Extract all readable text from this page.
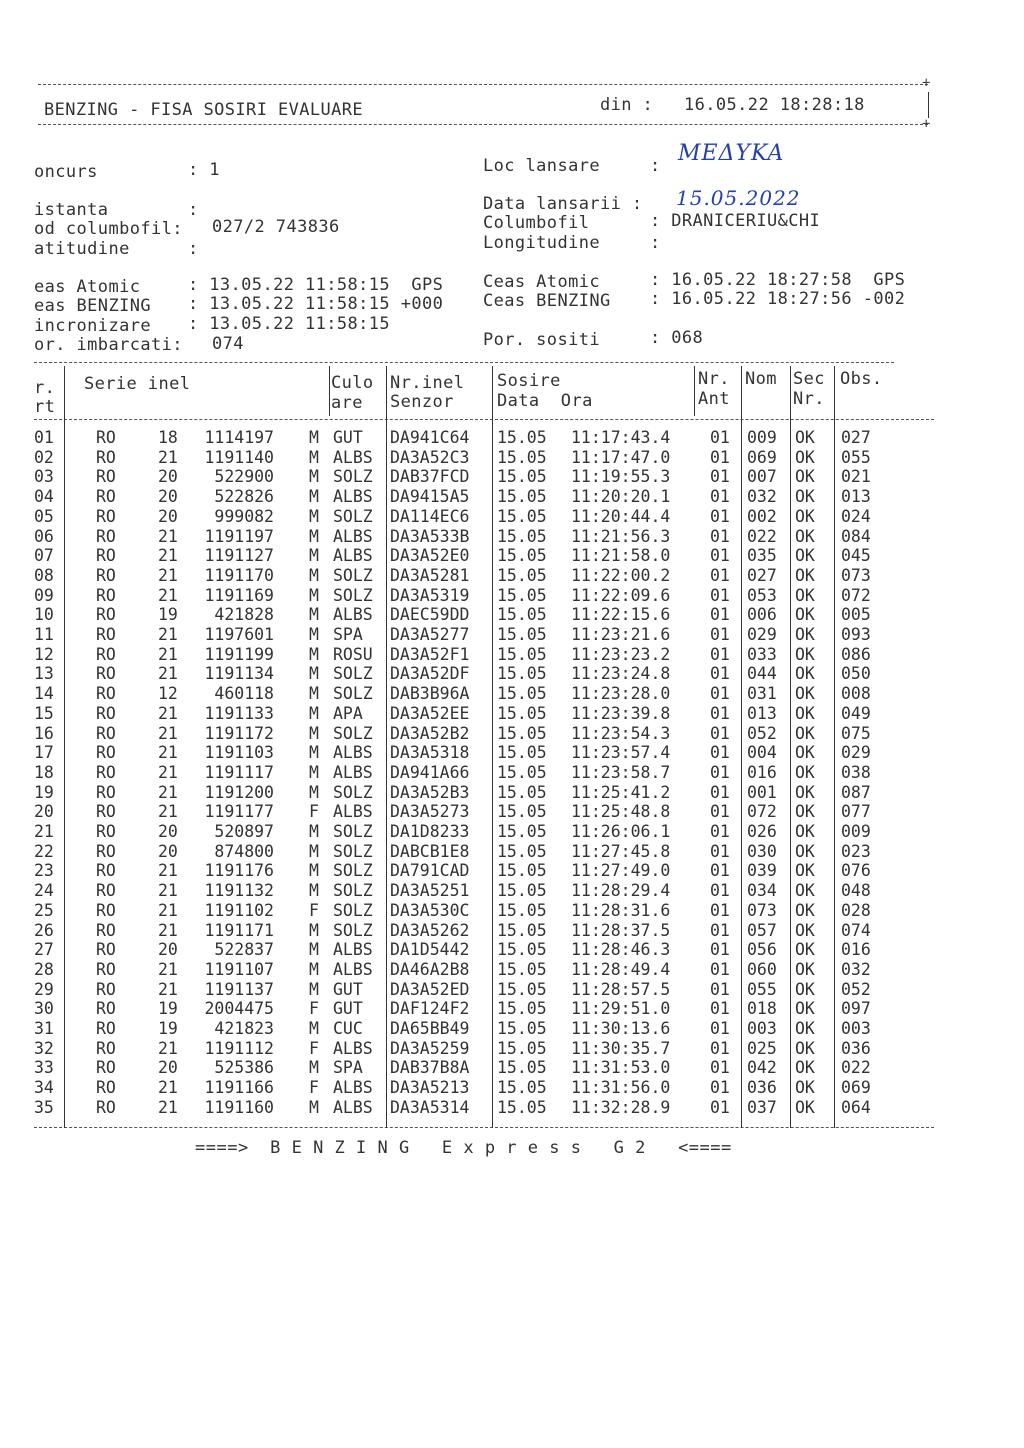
+
BENZING - FISA SOSIRI EVALUARE	din : 16.05.22 18:28:18
+
oncurs	: 1
istanta	:
od columbofil: 027/2 743836
atitudine	:
Loc lansare	: MEΔYKA
Data lansarii : 15.05.2022
Columbofil	: DRANICERIU&CHI
Longitudine	:
eas Atomic	: 13.05.22 11:58:15  GPS
eas BENZING : 13.05.22 11:58:15 +000
incronizare : 13.05.22 11:58:15
or. imbarcati: 074
Ceas Atomic	: 16.05.22 18:27:58  GPS
Ceas BENZING : 16.05.22 18:27:56 -002
Por. sositi	: 068
r.
rt
Serie inel	Culo
are
Nr.inel
Senzor
Sosire
Data  Ora
Nr.
Ant
Nom Sec
Nr.
Obs.
01	RO	18	1114197 M GUT DA941C64 15.05 11:17:43.4 01 009 OK 027
02	RO	21	1191140 M ALBS DA3A52C3 15.05 11:17:47.0 01 069 OK 055
03	RO	20	522900 M SOLZ DAB37FCD 15.05 11:19:55.3 01 007 OK 021
04	RO	20	522826 M ALBS DA9415A5 15.05 11:20:20.1 01 032 OK 013
05	RO	20	999082 M SOLZ DA114EC6 15.05 11:20:44.4 01 002 OK 024
06	RO	21	1191197 M ALBS DA3A533B 15.05 11:21:56.3 01 022 OK 084
07	RO	21	1191127 M ALBS DA3A52E0 15.05 11:21:58.0 01 035 OK 045
08	RO	21	1191170 M SOLZ DA3A5281 15.05 11:22:00.2 01 027 OK 073
09	RO	21	1191169 M SOLZ DA3A5319 15.05 11:22:09.6 01 053 OK 072
10	RO	19	421828 M ALBS DAEC59DD 15.05 11:22:15.6 01 006 OK 005
11	RO	21	1197601 M SPA DA3A5277 15.05 11:23:21.6 01 029 OK 093
12	RO	21	1191199 M ROSU DA3A52F1 15.05 11:23:23.2 01 033 OK 086
13	RO	21	1191134 M SOLZ DA3A52DF 15.05 11:23:24.8 01 044 OK 050
14	RO	12	460118 M SOLZ DAB3B96A 15.05 11:23:28.0 01 031 OK 008
15	RO	21	1191133 M APA DA3A52EE 15.05 11:23:39.8 01 013 OK 049
16	RO	21	1191172 M SOLZ DA3A52B2 15.05 11:23:54.3 01 052 OK 075
17	RO	21	1191103 M ALBS DA3A5318 15.05 11:23:57.4 01 004 OK 029
18	RO	21	1191117 M ALBS DA941A66 15.05 11:23:58.7 01 016 OK 038
19	RO	21	1191200 M SOLZ DA3A52B3 15.05 11:25:41.2 01 001 OK 087
20	RO	21	1191177 F ALBS DA3A5273 15.05 11:25:48.8 01 072 OK 077
21	RO	20	520897 M SOLZ DA1D8233 15.05 11:26:06.1 01 026 OK 009
22	RO	20	874800 M SOLZ DABCB1E8 15.05 11:27:45.8 01 030 OK 023
23	RO	21	1191176 M SOLZ DA791CAD 15.05 11:27:49.0 01 039 OK 076
24	RO	21	1191132 M SOLZ DA3A5251 15.05 11:28:29.4 01 034 OK 048
25	RO	21	1191102 F SOLZ DA3A530C 15.05 11:28:31.6 01 073 OK 028
26	RO	21	1191171 M SOLZ DA3A5262 15.05 11:28:37.5 01 057 OK 074
27	RO	20	522837 M ALBS DA1D5442 15.05 11:28:46.3 01 056 OK 016
28	RO	21	1191107 M ALBS DA46A2B8 15.05 11:28:49.4 01 060 OK 032
29	RO	21	1191137 M GUT DA3A52ED 15.05 11:28:57.5 01 055 OK 052
30	RO	19	2004475 F GUT DAF124F2 15.05 11:29:51.0 01 018 OK 097
31	RO	19	421823 M CUC DA65BB49 15.05 11:30:13.6 01 003 OK 003
32	RO	21	1191112 F ALBS DA3A5259 15.05 11:30:35.7 01 025 OK 036
33	RO	20	525386 M SPA DAB37B8A 15.05 11:31:53.0 01 042 OK 022
34	RO	21	1191166 F ALBS DA3A5213 15.05 11:31:56.0 01 036 OK 069
35	RO	21	1191160 M ALBS DA3A5314 15.05 11:32:28.9 01 037 OK 064
====>  B E N Z I N G   E x p r e s s   G 2   <====
